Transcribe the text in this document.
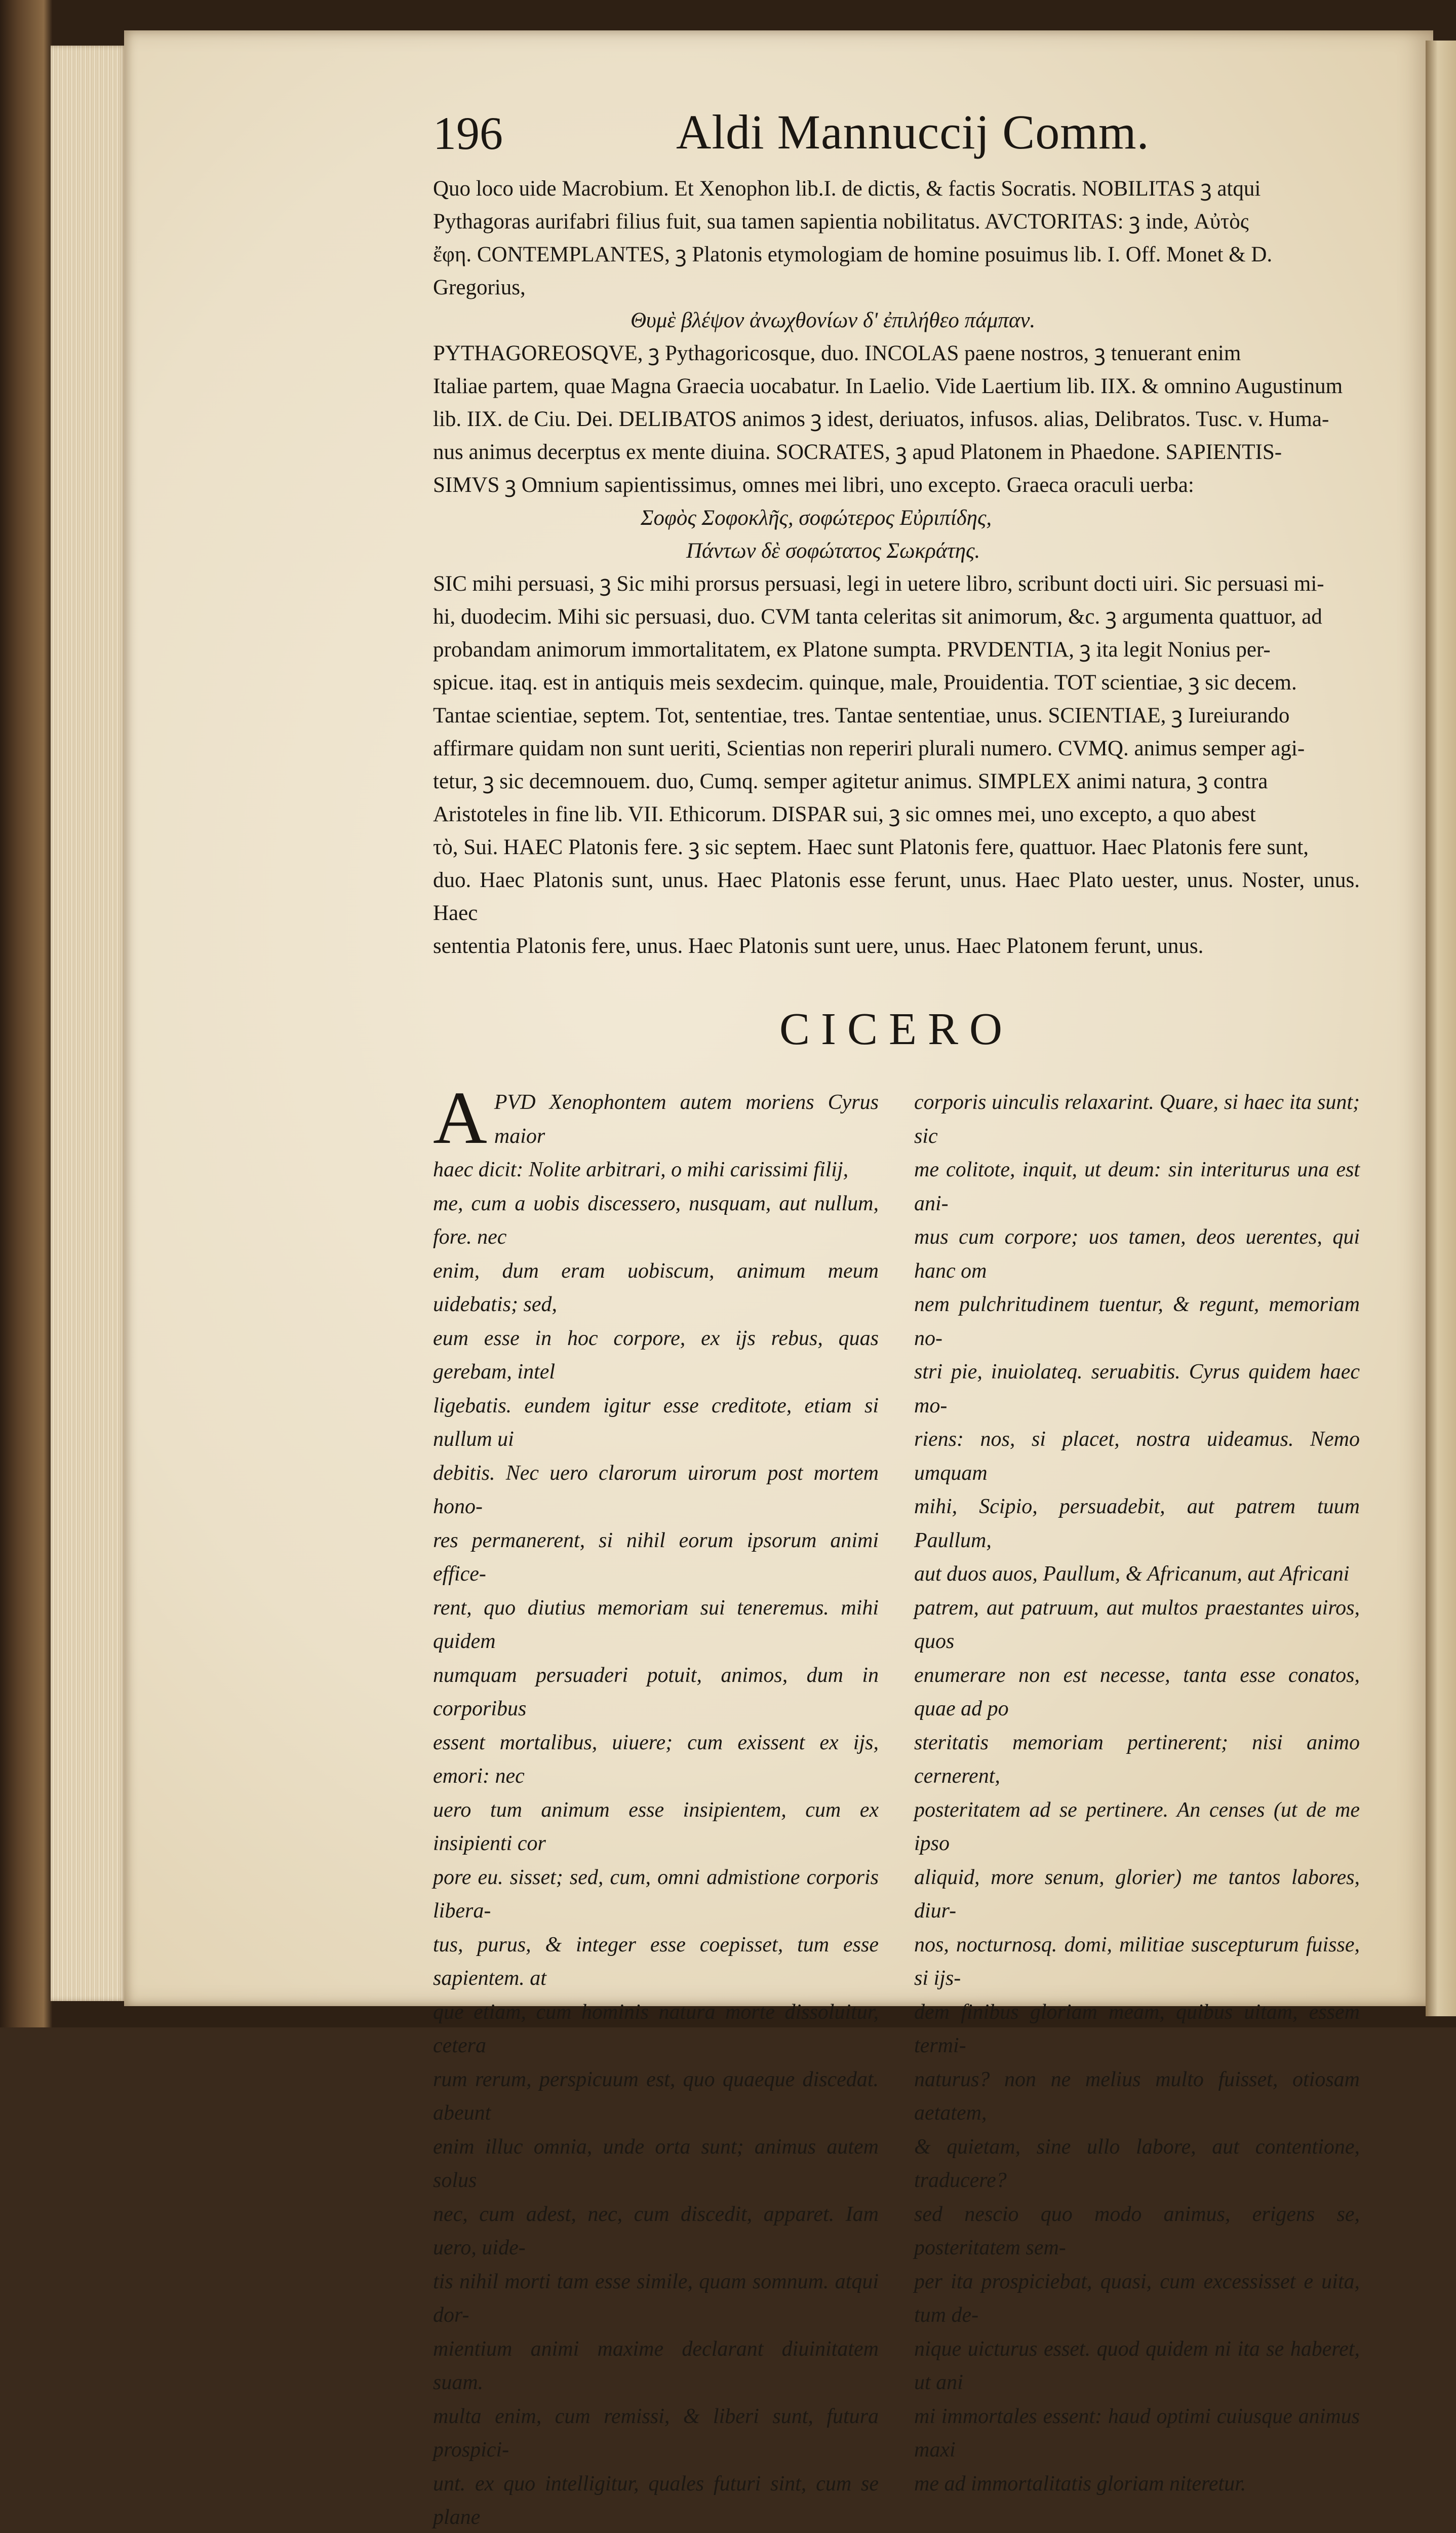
196	Aldi Mannuccij Comm.

Quo loco uide Macrobium. Et Xenophon lib.I. de dictis, & factis Socratis. NOBILITAS ꝫ atqui

Pythagoras aurifabri filius fuit, sua tamen sapientia nobilitatus. AVCTORITAS: ꝫ inde, Αὐτὸς

ἔφη. CONTEMPLANTES, ꝫ Platonis etymologiam de homine posuimus lib. I. Off. Monet & D.

Gregorius,

Θυμὲ βλέψον ἀνωχθονίων δ' ἐπιλήθεο πάμπαν.

PYTHAGOREOSQVE, ꝫ Pythagoricosque, duo. INCOLAS paene nostros, ꝫ tenuerant enim

Italiae partem, quae Magna Graecia uocabatur. In Laelio. Vide Laertium lib. IIX. & omnino Augustinum

lib. IIX. de Ciu. Dei. DELIBATOS animos ꝫ idest, deriuatos, infusos. alias, Delibratos. Tusc. v. Huma-

nus animus decerptus ex mente diuina. SOCRATES, ꝫ apud Platonem in Phaedone. SAPIENTIS-

SIMVS ꝫ Omnium sapientissimus, omnes mei libri, uno excepto. Graeca oraculi uerba:

Σοφὸς Σοφοκλῆς, σοφώτερος Εὐριπίδης,

Πάντων δὲ σοφώτατος Σωκράτης.

SIC mihi persuasi, ꝫ Sic mihi prorsus persuasi, legi in uetere libro, scribunt docti uiri. Sic persuasi mi-

hi, duodecim. Mihi sic persuasi, duo. CVM tanta celeritas sit animorum, &c. ꝫ argumenta quattuor, ad

probandam animorum immortalitatem, ex Platone sumpta. PRVDENTIA, ꝫ ita legit Nonius per-

spicue. itaq. est in antiquis meis sexdecim. quinque, male, Prouidentia. TOT scientiae, ꝫ sic decem.

Tantae scientiae, septem. Tot, sententiae, tres. Tantae sententiae, unus. SCIENTIAE, ꝫ Iureiurando

affirmare quidam non sunt ueriti, Scientias non reperiri plurali numero. CVMQ. animus semper agi-

tetur, ꝫ sic decemnouem. duo, Cumq. semper agitetur animus. SIMPLEX animi natura, ꝫ contra

Aristoteles in fine lib. VII. Ethicorum. DISPAR sui, ꝫ sic omnes mei, uno excepto, a quo abest

τὸ, Sui. HAEC Platonis fere. ꝫ sic septem. Haec sunt Platonis fere, quattuor. Haec Platonis fere sunt,

duo. Haec Platonis sunt, unus. Haec Platonis esse ferunt, unus. Haec Plato uester, unus. Noster, unus. Haec

sententia Platonis fere, unus. Haec Platonis sunt uere, unus. Haec Platonem ferunt, unus.

CICERO
A PVD Xenophontem autem moriens Cyrus maior
haec dicit: Nolite arbitrari, o mihi carissimi filij,
me, cum a uobis discessero, nusquam, aut nullum, fore. nec
enim, dum eram uobiscum, animum meum uidebatis; sed,
eum esse in hoc corpore, ex ijs rebus, quas gerebam, intel
ligebatis. eundem igitur esse creditote, etiam si nullum ui
debitis. Nec uero clarorum uirorum post mortem hono-
res permanerent, si nihil eorum ipsorum animi effice-
rent, quo diutius memoriam sui teneremus. mihi quidem
numquam persuaderi potuit, animos, dum in corporibus
essent mortalibus, uiuere; cum exissent ex ijs, emori: nec
uero tum animum esse insipientem, cum ex insipienti cor
pore eu. sisset; sed, cum, omni admistione corporis libera-
tus, purus, & integer esse coepisset, tum esse sapientem. at
que etiam, cum hominis natura morte dissoluitur, cetera
rum rerum, perspicuum est, quo quaeque discedat. abeunt
enim illuc omnia, unde orta sunt; animus autem solus
nec, cum adest, nec, cum discedit, apparet. Iam uero, uide-
tis nihil morti tam esse simile, quam somnum. atqui dor-
mientium animi maxime declarant diuinitatem suam.
multa enim, cum remissi, & liberi sunt, futura prospici-
unt. ex quo intelligitur, quales futuri sint, cum se plane
corporis uinculis relaxarint. Quare, si haec ita sunt; sic
me colitote, inquit, ut deum: sin interiturus una est ani-
mus cum corpore; uos tamen, deos uerentes, qui hanc om
nem pulchritudinem tuentur, & regunt, memoriam no-
stri pie, inuiolateq. seruabitis. Cyrus quidem haec mo-
riens: nos, si placet, nostra uideamus. Nemo umquam
mihi, Scipio, persuadebit, aut patrem tuum Paullum,
aut duos auos, Paullum, & Africanum, aut Africani
patrem, aut patruum, aut multos praestantes uiros, quos
enumerare non est necesse, tanta esse conatos, quae ad po
steritatis memoriam pertinerent; nisi animo cernerent,
posteritatem ad se pertinere. An censes (ut de me ipso
aliquid, more senum, glorier) me tantos labores, diur-
nos, nocturnosq. domi, militiae suscepturum fuisse, si ijs-
dem finibus gloriam meam, quibus uitam, essem termi-
naturus? non ne melius multo fuisset, otiosam aetatem,
& quietam, sine ullo labore, aut contentione, traducere?
sed nescio quo modo animus, erigens se, posteritatem sem-
per ita prospiciebat, quasi, cum excessisset e uita, tum de-
nique uicturus esset. quod quidem ni ita se haberet, ut ani
mi immortales essent: haud optimi cuiusque animus maxi
me ad immortalitatis gloriam niteretur.
